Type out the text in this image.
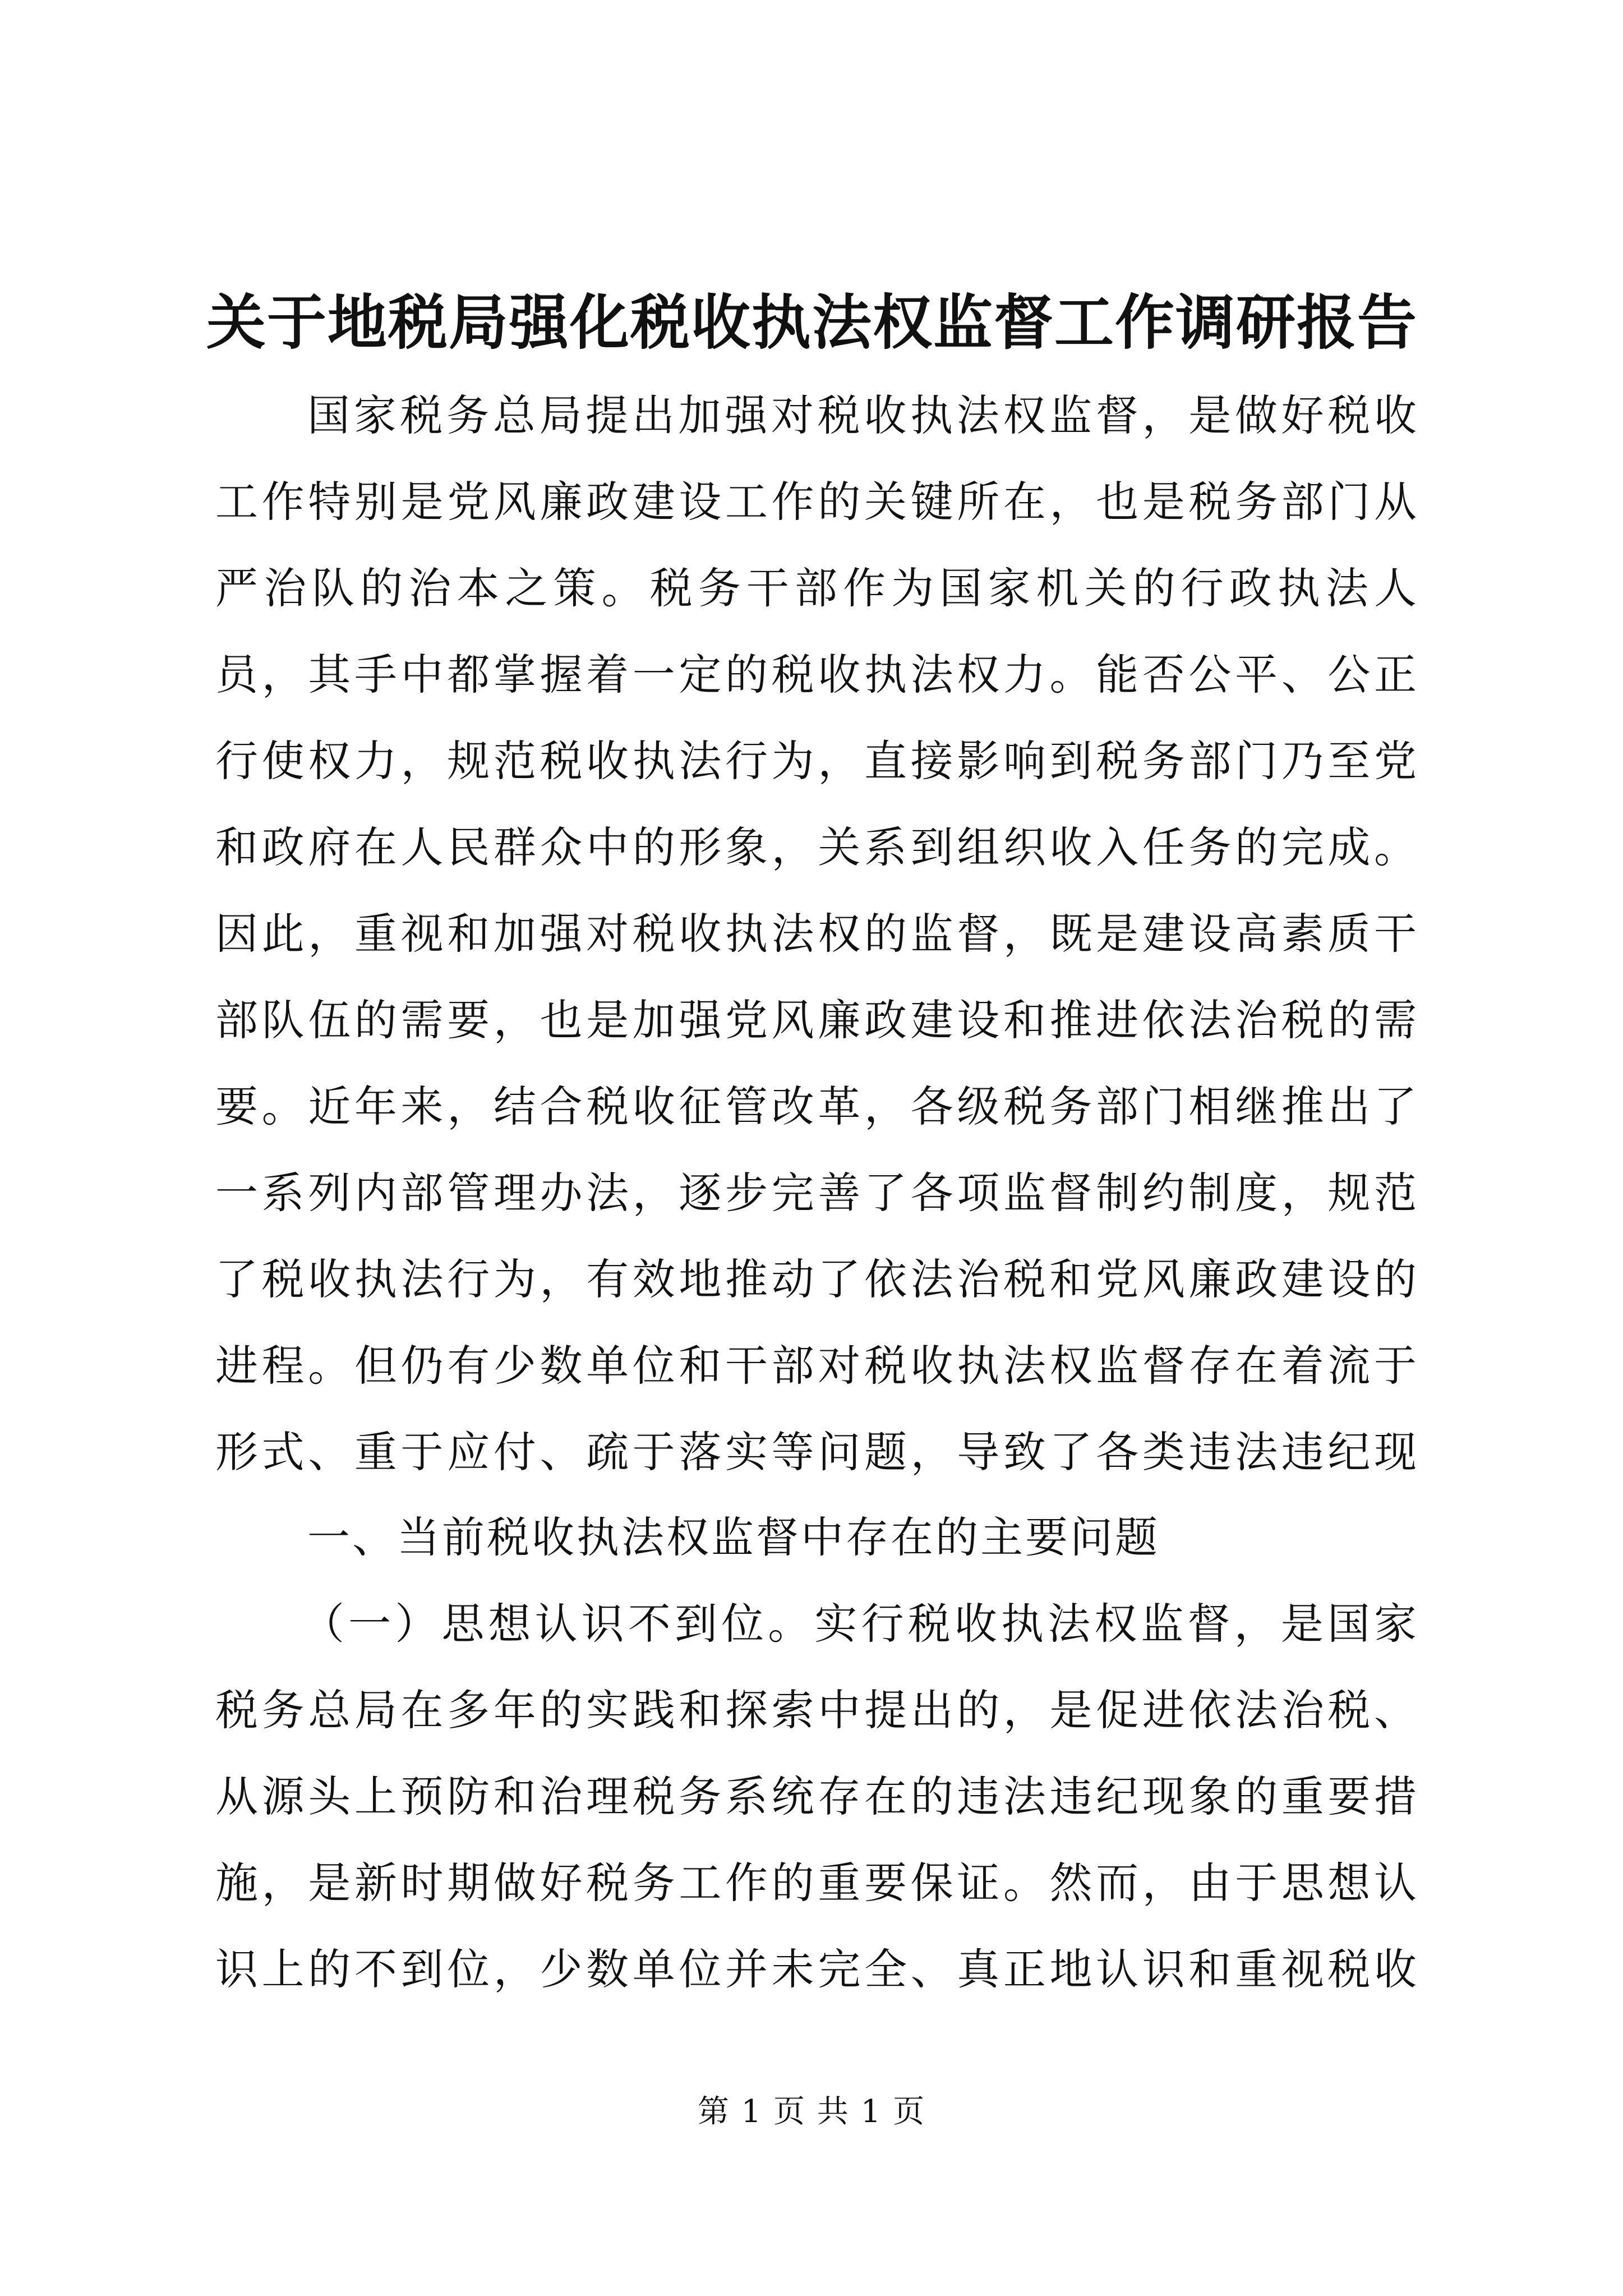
关于地税局强化税收执法权监督工作调研报告

国家税务总局提出加强对税收执法权监督，是做好税收工作特别是党风廉政建设工作的关键所在，也是税务部门从严治队的治本之策。税务干部作为国家机关的行政执法人员，其手中都掌握着一定的税收执法权力。能否公平、公正行使权力，规范税收执法行为，直接影响到税务部门乃至党和政府在人民群众中的形象，关系到组织收入任务的完成。因此，重视和加强对税收执法权的监督，既是建设高素质干部队伍的需要，也是加强党风廉政建设和推进依法治税的需要。近年来，结合税收征管改革，各级税务部门相继推出了一系列内部管理办法，逐步完善了各项监督制约制度，规范了税收执法行为，有效地推动了依法治税和党风廉政建设的进程。但仍有少数单位和干部对税收执法权监督存在着流于形式、重于应付、疏于落实等问题，导致了各类违法违纪现

一、当前税收执法权监督中存在的主要问题

（一）思想认识不到位。实行税收执法权监督，是国家税务总局在多年的实践和探索中提出的，是促进依法治税、从源头上预防和治理税务系统存在的违法违纪现象的重要措施，是新时期做好税务工作的重要保证。然而，由于思想认识上的不到位，少数单位并未完全、真正地认识和重视税收

第 1 页 共 1 页
